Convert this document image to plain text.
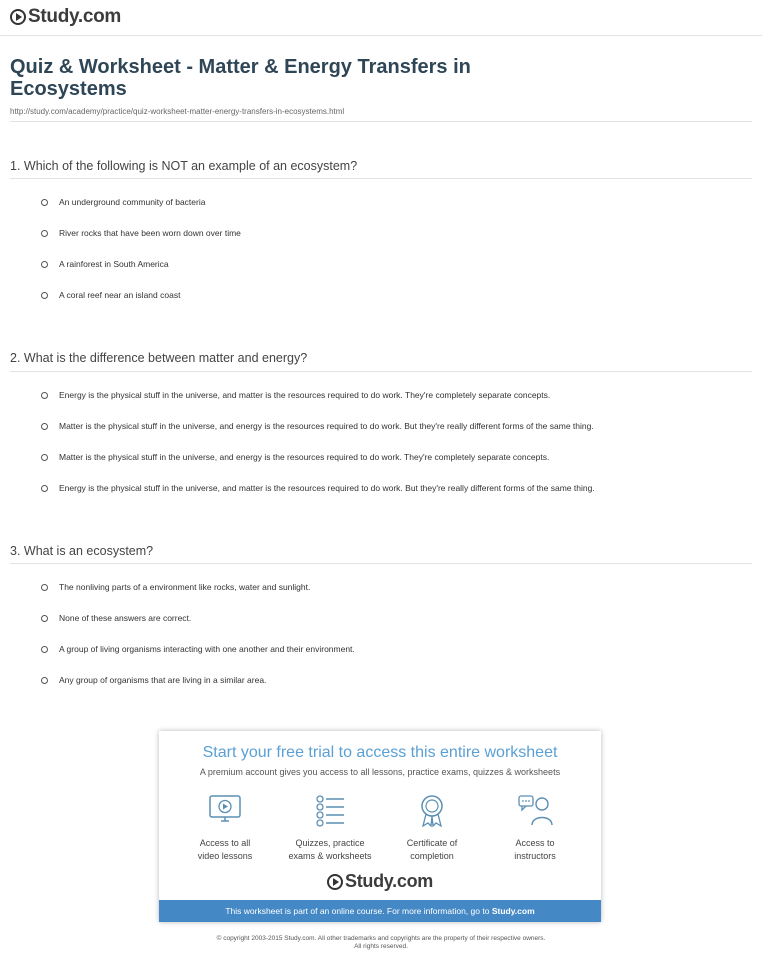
Study.com
Quiz & Worksheet - Matter & Energy Transfers in Ecosystems
http://study.com/academy/practice/quiz-worksheet-matter-energy-transfers-in-ecosystems.html
1. Which of the following is NOT an example of an ecosystem?
An underground community of bacteria
River rocks that have been worn down over time
A rainforest in South America
A coral reef near an island coast
2. What is the difference between matter and energy?
Energy is the physical stuff in the universe, and matter is the resources required to do work. They're completely separate concepts.
Matter is the physical stuff in the universe, and energy is the resources required to do work. But they're really different forms of the same thing.
Matter is the physical stuff in the universe, and energy is the resources required to do work. They're completely separate concepts.
Energy is the physical stuff in the universe, and matter is the resources required to do work. But they're really different forms of the same thing.
3. What is an ecosystem?
The nonliving parts of a environment like rocks, water and sunlight.
None of these answers are correct.
A group of living organisms interacting with one another and their environment.
Any group of organisms that are living in a similar area.
Start your free trial to access this entire worksheet
A premium account gives you access to all lessons, practice exams, quizzes & worksheets
Access to all
video lessons
Quizzes, practice
exams & worksheets
Certificate of
completion
Access to
instructors
Study.com
This worksheet is part of an online course. For more information, go to Study.com
© copyright 2003-2015 Study.com. All other trademarks and copyrights are the property of their respective owners.
All rights reserved.
